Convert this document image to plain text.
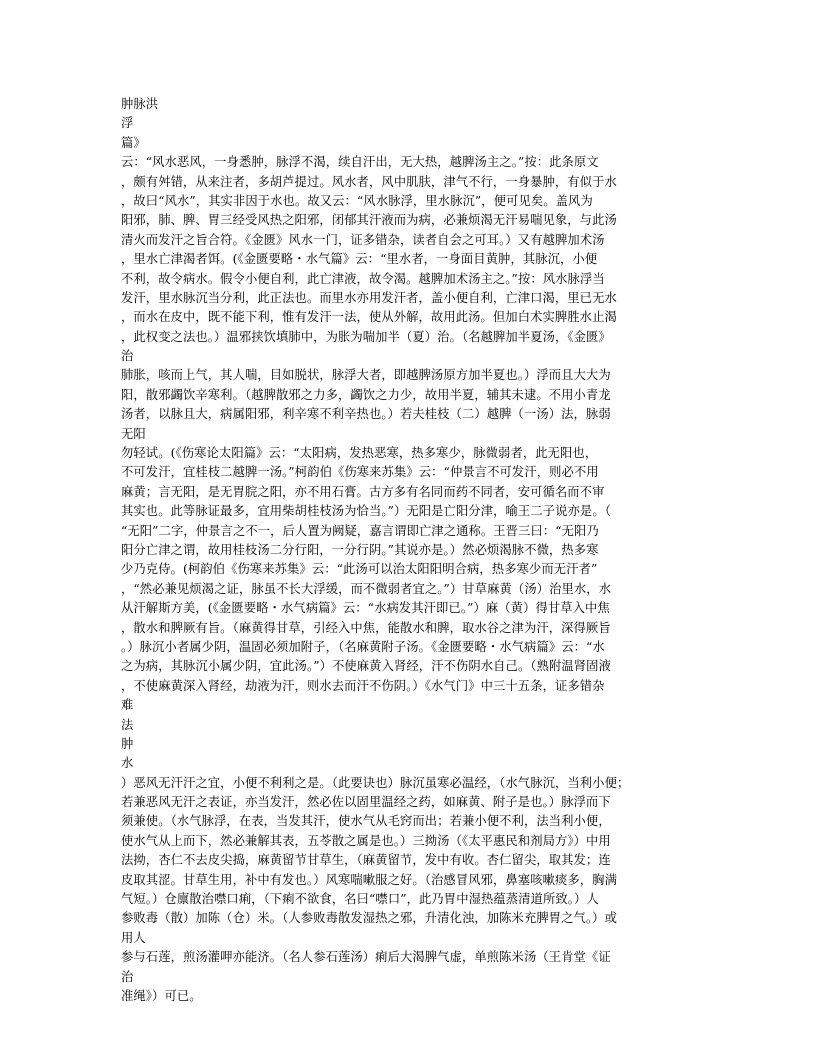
肿脉洪
浮
篇》
云：“风水恶风，一身悉肿，脉浮不渴，续自汗出，无大热，越脾汤主之。”按：此条原文
，颇有舛错，从来注者，多胡芦提过。风水者，风中肌肤，津气不行，一身暴肿，有似于水
，故曰“风水”，其实非因于水也。故又云：“风水脉浮，里水脉沉”，便可见矣。盖风为
阳邪，肺、脾、胃三经受风热之阳邪，闭郁其汗液而为病，必兼烦渴无汗易喘见象，与此汤
清火而发汗之旨合符。《金匮》风水一门，证多错杂，读者自会之可耳。）又有越脾加术汤
，里水亡津渴者饵。(《金匮要略・水气篇》云：“里水者，一身面目黄肿，其脉沉，小便
不利，故令病水。假令小便自利，此亡津液，故令渴。越脾加术汤主之。”按：风水脉浮当
发汗，里水脉沉当分利，此正法也。而里水亦用发汗者，盖小便自利，亡津口渴，里已无水
，而水在皮中，既不能下利，惟有发汗一法，使从外解，故用此汤。但加白术实脾胜水止渴
，此权变之法也。）温邪挟饮填肺中，为胀为喘加半（夏）治。（名越脾加半夏汤，《金匮》
治
肺胀，咳而上气，其人喘，目如脱状，脉浮大者，即越脾汤原方加半夏也。）浮而且大大为
阳，散邪蠲饮辛寒利。（越脾散邪之力多，蠲饮之力少，故用半夏，辅其未逮。不用小青龙
汤者，以脉且大，病属阳邪，利辛寒不利辛热也。）若夫桂枝（二）越脾（一汤）法，脉弱
无阳
勿轻试。(《伤寒论太阳篇》云：“太阳病，发热恶寒，热多寒少，脉微弱者，此无阳也，
不可发汗，宜桂枝二越脾一汤。”柯韵伯《伤寒来苏集》云：“仲景言不可发汗，则必不用
麻黄；言无阳，是无胃脘之阳，亦不用石膏。古方多有名同而药不同者，安可循名而不审
其实也。此等脉证最多，宜用柴胡桂枝汤为恰当。”）无阳是亡阳分津，喻王二子说亦是。（
“无阳”二字，仲景言之不一，后人置为阙疑，嘉言谓即亡津之通称。王晋三曰：“无阳乃
阳分亡津之谓，故用桂枝汤二分行阳，一分行阴。”其说亦是。）然必烦渴脉不微，热多寒
少乃克侍。(柯韵伯《伤寒来苏集》云：“此汤可以治太阳阳明合病，热多寒少而无汗者”
，“然必兼见烦渴之证，脉虽不长大浮缓，而不微弱者宜之。”）甘草麻黄（汤）治里水，水
从汗解斯方美，(《金匮要略・水气病篇》云：“水病发其汗即已。”）麻（黄）得甘草入中焦
，散水和脾厥有旨。（麻黄得甘草，引经入中焦，能散水和脾，取水谷之津为汗，深得厥旨
。）脉沉小者属少阴，温固必须加附子，（名麻黄附子汤。《金匮要略・水气病篇》云：“水
之为病，其脉沉小属少阴，宜此汤。”）不使麻黄入肾经，汗不伤阴水自己。（熟附温肾固液
，不使麻黄深入肾经，劫液为汗，则水去而汗不伤阴。）《水气门》中三十五条，证多错杂
难
法
肿
水
）恶风无汗汗之宜，小便不利利之是。（此要诀也）脉沉虽寒必温经，（水气脉沉，当利小便；
若兼恶风无汗之表证，亦当发汗，然必佐以固里温经之药，如麻黄、附子是也。）脉浮而下
须兼使。（水气脉浮，在表，当发其汗，使水气从毛窍而出；若兼小便不利，法当利小便，
使水气从上而下，然必兼解其表，五苓散之属是也。）三拗汤（《太平惠民和剂局方》）中用
法拗，杏仁不去皮尖捣，麻黄留节甘草生，（麻黄留节，发中有收。杏仁留尖，取其发；连
皮取其涩。甘草生用，补中有发也。）风寒喘嗽服之好。（治感冒风邪，鼻塞咳嗽痰多，胸满
气短。）仓廪散治噤口痢，（下痢不欲食，名曰“噤口”，此乃胃中湿热蕴蒸清道所致。）人
参败毒（散）加陈（仓）米。（人参败毒散发湿热之邪，升清化浊，加陈米充脾胃之气。）或
用人
参与石莲，煎汤灌呷亦能济。（名人参石莲汤）痢后大渴脾气虚，单煎陈米汤（王肯堂《证
治
准绳》）可已。
